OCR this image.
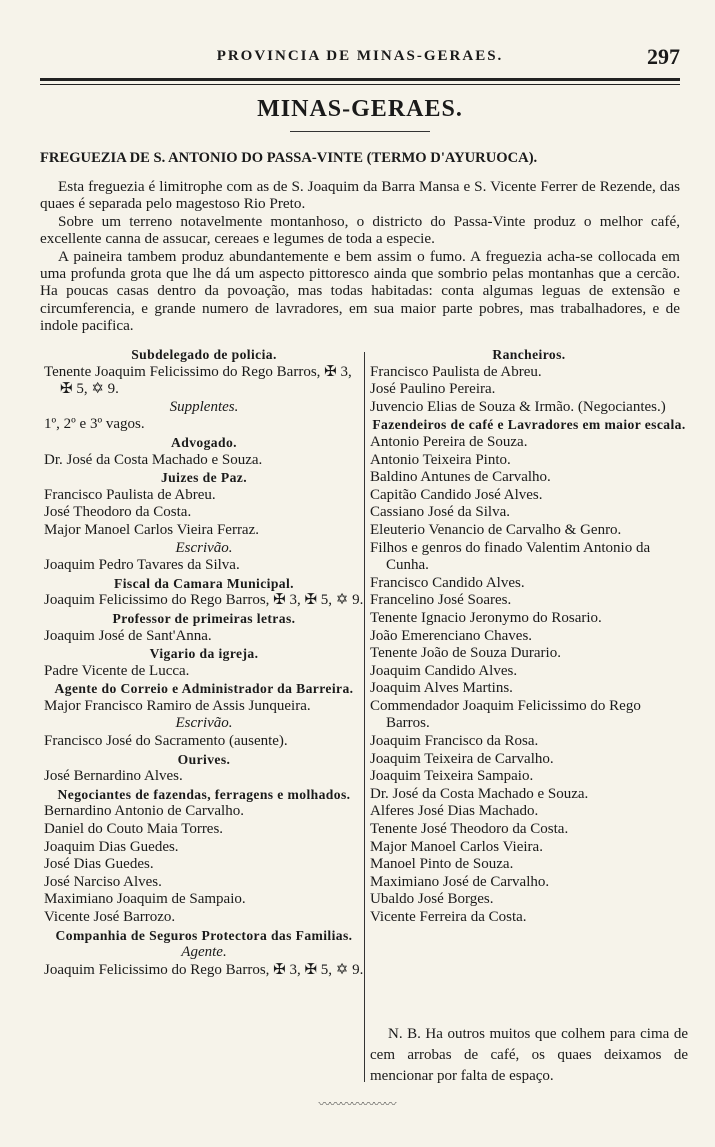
PROVINCIA DE MINAS-GERAES.	297
MINAS-GERAES.
FREGUEZIA DE S. ANTONIO DO PASSA-VINTE (TERMO D'AYURUOCA).

Esta freguezia é limitrophe com as de S. Joaquim da Barra Mansa e S. Vicente Ferrer de Rezende, das quaes é separada pelo magestoso Rio Preto.

Sobre um terreno notavelmente montanhoso, o districto do Passa-Vinte produz o melhor café, excellente canna de assucar, cereaes e legumes de toda a especie.

A paineira tambem produz abundantemente e bem assim o fumo. A freguezia acha-se collocada em uma profunda grota que lhe dá um aspecto pittoresco ainda que sombrio pelas montanhas que a cercão. Ha poucas casas dentro da povoação, mas todas habitadas: conta algumas leguas de extensão e circumferencia, e grande numero de lavradores, em sua maior parte pobres, mas trabalhadores, e de indole pacifica.

Subdelegado de policia.
Tenente Joaquim Felicissimo do Rego Barros, ✠ 3, ✠ 5, ✡ 9.
Supplentes.
1º, 2º e 3º vagos.
Advogado.
Dr. José da Costa Machado e Souza.
Juizes de Paz.
Francisco Paulista de Abreu.
José Theodoro da Costa.
Major Manoel Carlos Vieira Ferraz.
Escrivão.
Joaquim Pedro Tavares da Silva.
Fiscal da Camara Municipal.
Joaquim Felicissimo do Rego Barros, ✠ 3, ✠ 5, ✡ 9.
Professor de primeiras letras.
Joaquim José de Sant'Anna.
Vigario da igreja.
Padre Vicente de Lucca.
Agente do Correio e Administrador da Barreira.
Major Francisco Ramiro de Assis Junqueira.
Escrivão.
Francisco José do Sacramento (ausente).
Ourives.
José Bernardino Alves.
Negociantes de fazendas, ferragens e molhados.
Bernardino Antonio de Carvalho.
Daniel do Couto Maia Torres.
Joaquim Dias Guedes.
José Dias Guedes.
José Narciso Alves.
Maximiano Joaquim de Sampaio.
Vicente José Barrozo.
Companhia de Seguros Protectora das Familias.
Agente.
Joaquim Felicissimo do Rego Barros, ✠ 3, ✠ 5, ✡ 9.
Rancheiros.
Francisco Paulista de Abreu.
José Paulino Pereira.
Juvencio Elias de Souza & Irmão. (Negociantes.)
Fazendeiros de café e Lavradores em maior escala.
Antonio Pereira de Souza.
Antonio Teixeira Pinto.
Baldino Antunes de Carvalho.
Capitão Candido José Alves.
Cassiano José da Silva.
Eleuterio Venancio de Carvalho & Genro.
Filhos e genros do finado Valentim Antonio da Cunha.
Francisco Candido Alves.
Francelino José Soares.
Tenente Ignacio Jeronymo do Rosario.
João Emerenciano Chaves.
Tenente João de Souza Durario.
Joaquim Candido Alves.
Joaquim Alves Martins.
Commendador Joaquim Felicissimo do Rego Barros.
Joaquim Francisco da Rosa.
Joaquim Teixeira de Carvalho.
Joaquim Teixeira Sampaio.
Dr. José da Costa Machado e Souza.
Alferes José Dias Machado.
Tenente José Theodoro da Costa.
Major Manoel Carlos Vieira.
Manoel Pinto de Souza.
Maximiano José de Carvalho.
Ubaldo José Borges.
Vicente Ferreira da Costa.

N. B. Ha outros muitos que colhem para cima de cem arrobas de café, os quaes deixamos de mencionar por falta de espaço.

〰〰〰〰〰〰〰
